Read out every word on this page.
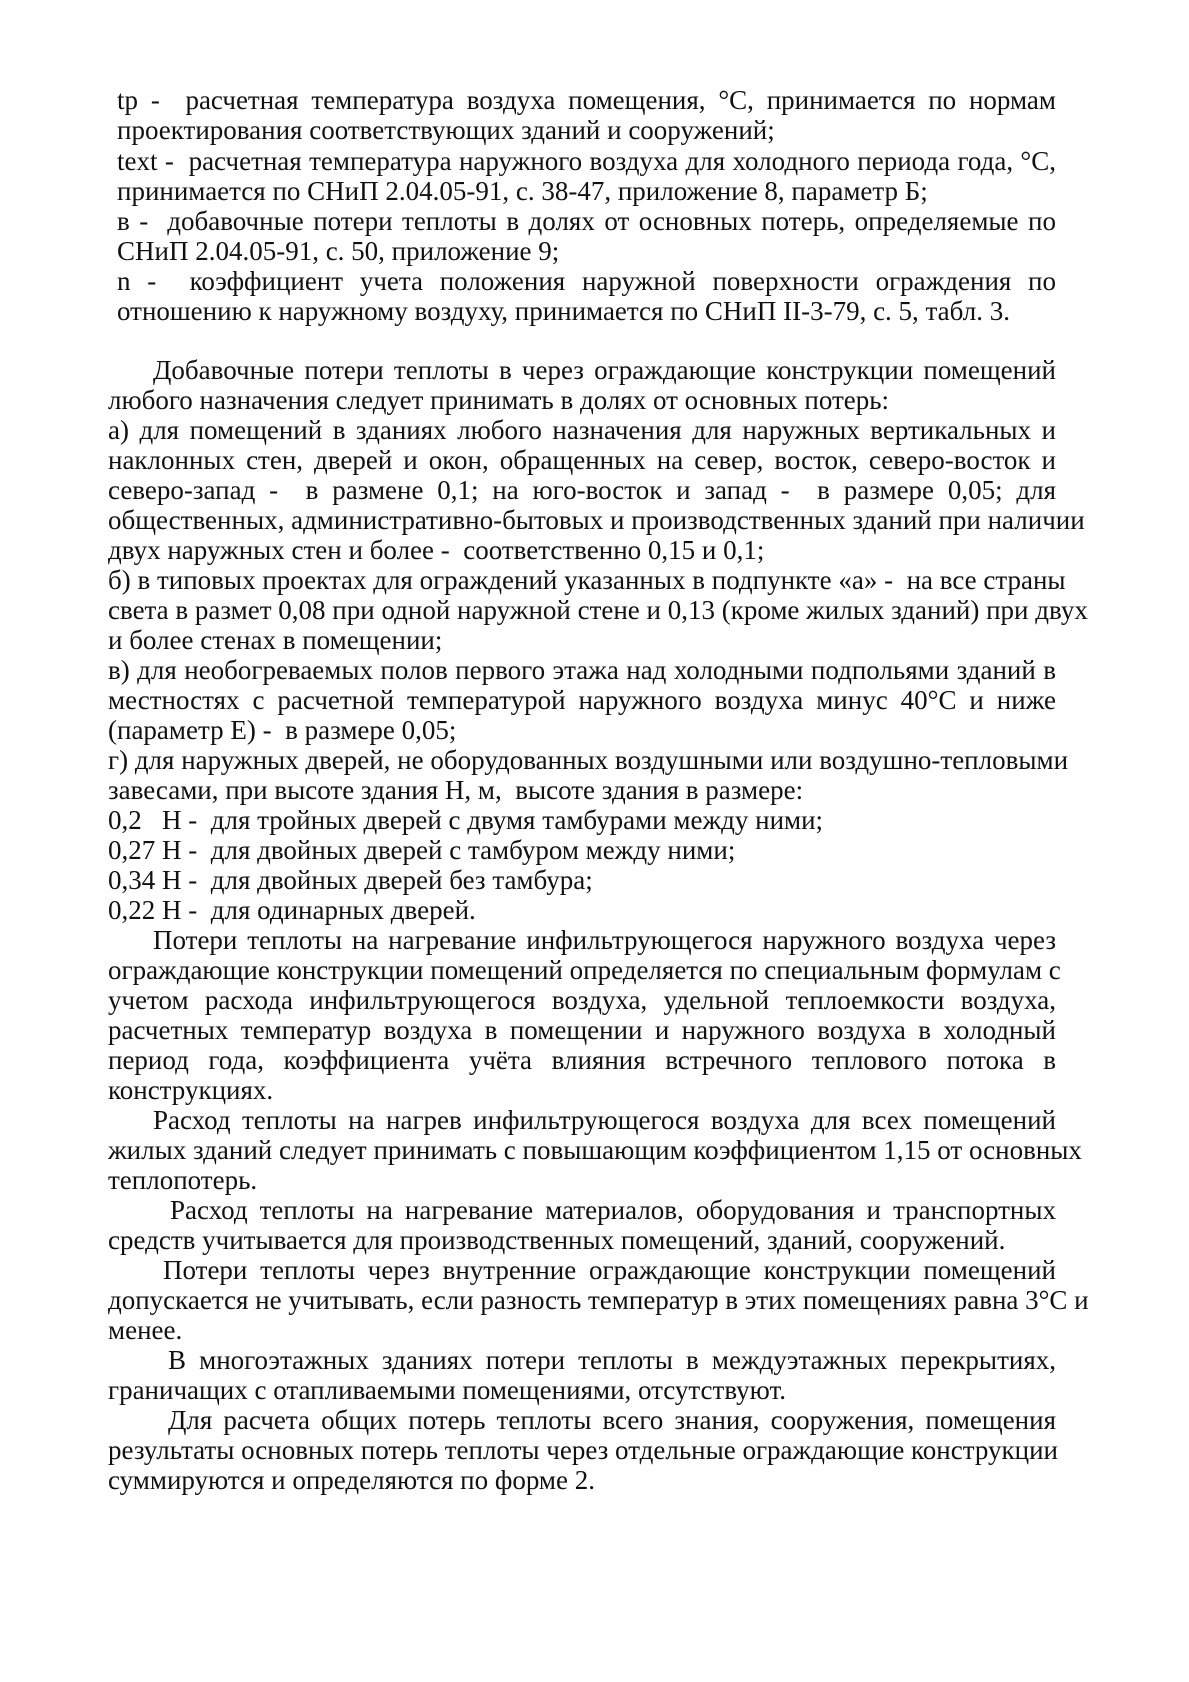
tр -  расчетная температура воздуха помещения, °С, принимается по нормам
проектирования соответствующих зданий и сооружений;
text -  расчетная температура наружного воздуха для холодного периода года, °С,
принимается по СНиП 2.04.05-91, с. 38-47, приложение 8, параметр Б;
в -  добавочные потери теплоты в долях от основных потерь, определяемые по
СНиП 2.04.05-91, с. 50, приложение 9;
n -  коэффициент учета положения наружной поверхности ограждения по
отношению к наружному воздуху, принимается по СНиП II-3-79, с. 5, табл. 3.
Добавочные потери теплоты в через ограждающие конструкции помещений
любого назначения следует принимать в долях от основных потерь:
а) для помещений в зданиях любого назначения для наружных вертикальных и
наклонных стен, дверей и окон, обращенных на север, восток, северо-восток и
северо-запад -  в размене 0,1; на юго-восток и запад -  в размере 0,05; для
общественных, административно-бытовых и производственных зданий при наличии
двух наружных стен и более -  соответственно 0,15 и 0,1;
б) в типовых проектах для ограждений указанных в подпункте «а» -  на все страны
света в размет 0,08 при одной наружной стене и 0,13 (кроме жилых зданий) при двух
и более стенах в помещении;
в) для необогреваемых полов первого этажа над холодными подпольями зданий в
местностях с расчетной температурой наружного воздуха минус 40°С и ниже
(параметр Е) -  в размере 0,05;
г) для наружных дверей, не оборудованных воздушными или воздушно-тепловыми
завесами, при высоте здания Н, м,  высоте здания в размере:
0,2   Н -  для тройных дверей с двумя тамбурами между ними;
0,27 Н -  для двойных дверей с тамбуром между ними;
0,34 Н -  для двойных дверей без тамбура;
0,22 Н -  для одинарных дверей.
Потери теплоты на нагревание инфильтрующегося наружного воздуха через
ограждающие конструкции помещений определяется по специальным формулам с
учетом расхода инфильтрующегося воздуха, удельной теплоемкости воздуха,
расчетных температур воздуха в помещении и наружного воздуха в холодный
период года, коэффициента учёта влияния встречного теплового потока в
конструкциях.
Расход теплоты на нагрев инфильтрующегося воздуха для всех помещений
жилых зданий следует принимать с повышающим коэффициентом 1,15 от основных
теплопотерь.
Расход теплоты на нагревание материалов, оборудования и транспортных
средств учитывается для производственных помещений, зданий, сооружений.
Потери теплоты через внутренние ограждающие конструкции помещений
допускается не учитывать, если разность температур в этих помещениях равна 3°С и
менее.
В многоэтажных зданиях потери теплоты в междуэтажных перекрытиях,
граничащих с отапливаемыми помещениями, отсутствуют.
Для расчета общих потерь теплоты всего знания, сооружения, помещения
результаты основных потерь теплоты через отдельные ограждающие конструкции
суммируются и определяются по форме 2.
